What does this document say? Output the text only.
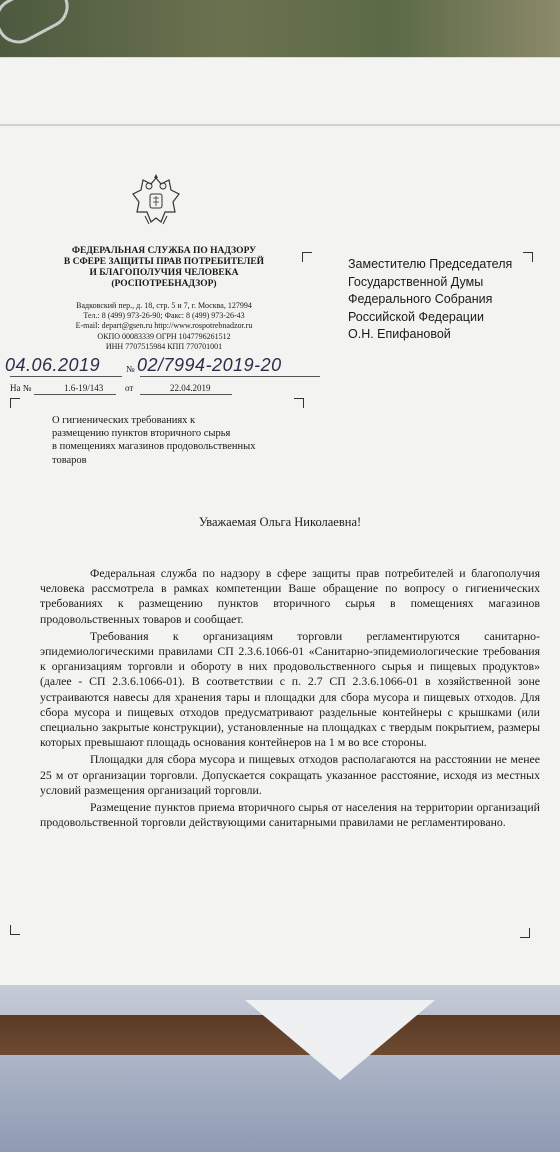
ФЕДЕРАЛЬНАЯ СЛУЖБА ПО НАДЗОРУ
В СФЕРЕ ЗАЩИТЫ ПРАВ ПОТРЕБИТЕЛЕЙ
И БЛАГОПОЛУЧИЯ ЧЕЛОВЕКА
(РОСПОТРЕБНАДЗОР)
Вадковский пер., д. 18, стр. 5 и 7, г. Москва, 127994
Тел.: 8 (499) 973-26-90; Факс: 8 (499) 973-26-43
E-mail: depart@gsen.ru http://www.rospotrebnadzor.ru
ОКПО 00083339 ОГРН 1047796261512
ИНН 7707515984 КПП 770701001
04.06.2019	№ 02/7994-2019-20
На №	1.6-19/143 от	22.04.2019
Заместителю Председателя
Государственной Думы
Федерального Собрания
Российской Федерации
О.Н. Епифановой
О гигиенических требованиях к
размещению пунктов вторичного сырья
в помещениях магазинов продовольственных
товаров
Уважаемая Ольга Николаевна!

Федеральная служба по надзору в сфере защиты прав потребителей и благополучия человека рассмотрела в рамках компетенции Ваше обращение по вопросу о гигиенических требованиях к размещению пунктов вторичного сырья в помещениях магазинов продовольственных товаров и сообщает.

Требования к организациям торговли регламентируются санитарно-эпидемиологическими правилами СП 2.3.6.1066-01 «Санитарно-эпидемиологические требования к организациям торговли и обороту в них продовольственного сырья и пищевых продуктов» (далее - СП 2.3.6.1066-01). В соответствии с п. 2.7 СП 2.3.6.1066-01 в хозяйственной зоне устраиваются навесы для хранения тары и площадки для сбора мусора и пищевых отходов. Для сбора мусора и пищевых отходов предусматривают раздельные контейнеры с крышками (или специально закрытые конструкции), установленные на площадках с твердым покрытием, размеры которых превышают площадь основания контейнеров на 1 м во все стороны.

Площадки для сбора мусора и пищевых отходов располагаются на расстоянии не менее 25 м от организации торговли. Допускается сокращать указанное расстояние, исходя из местных условий размещения организаций торговли.

Размещение пунктов приема вторичного сырья от населения на территории организаций продовольственной торговли действующими санитарными правилами не регламентировано.
